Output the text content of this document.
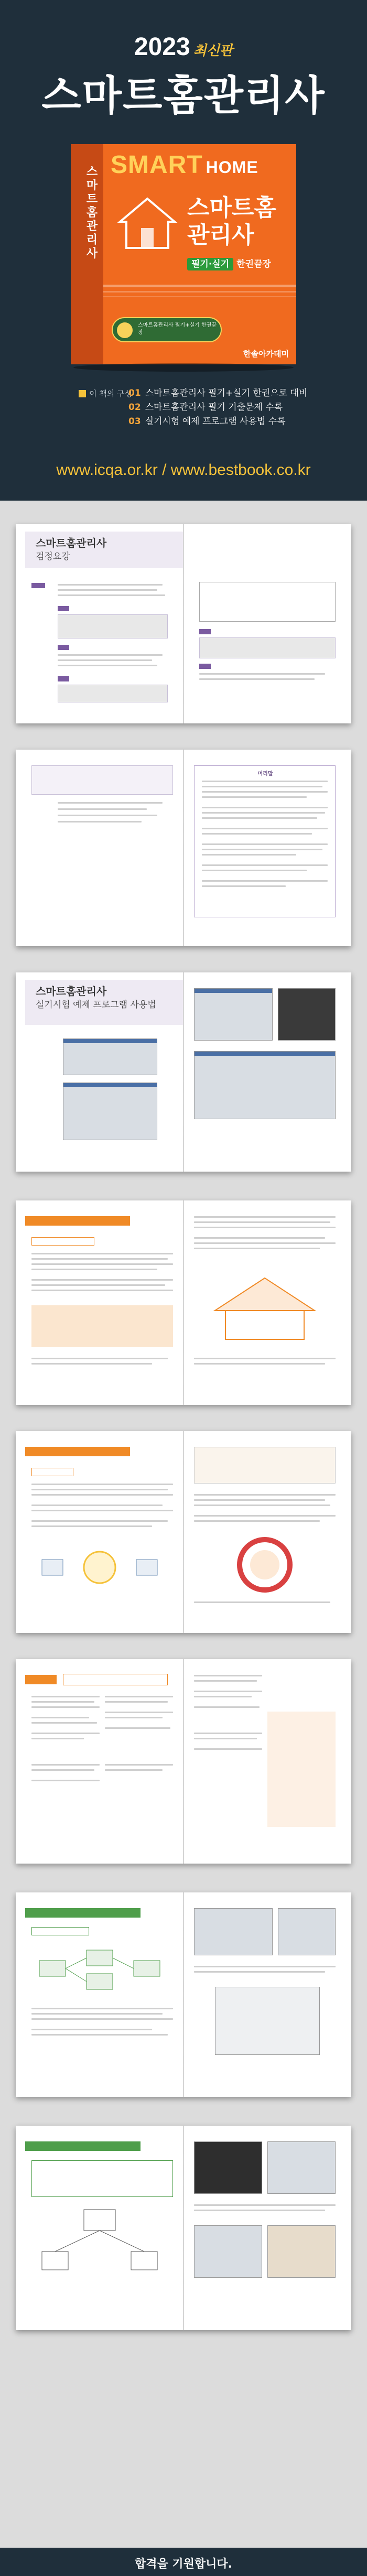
2023 최신판
스마트홈관리사
스마트홈관리사
SMART HOME
스마트홈 관리사
필기·실기 한권끝장
스마트홈관리사 필기+실기 한권끝장
한솔아카데미
이 책의 구성
01 스마트홈관리사 필기+실기 한권으로 대비
02 스마트홈관리사 필기 기출문제 수록
03 실기시험 예제 프로그램 사용법 수록
www.icqa.or.kr / www.bestbook.co.kr
스마트홈관리사
검정요강
머리말
스마트홈관리사
실기시험 예제 프로그램 사용법
합격을 기원합니다.
